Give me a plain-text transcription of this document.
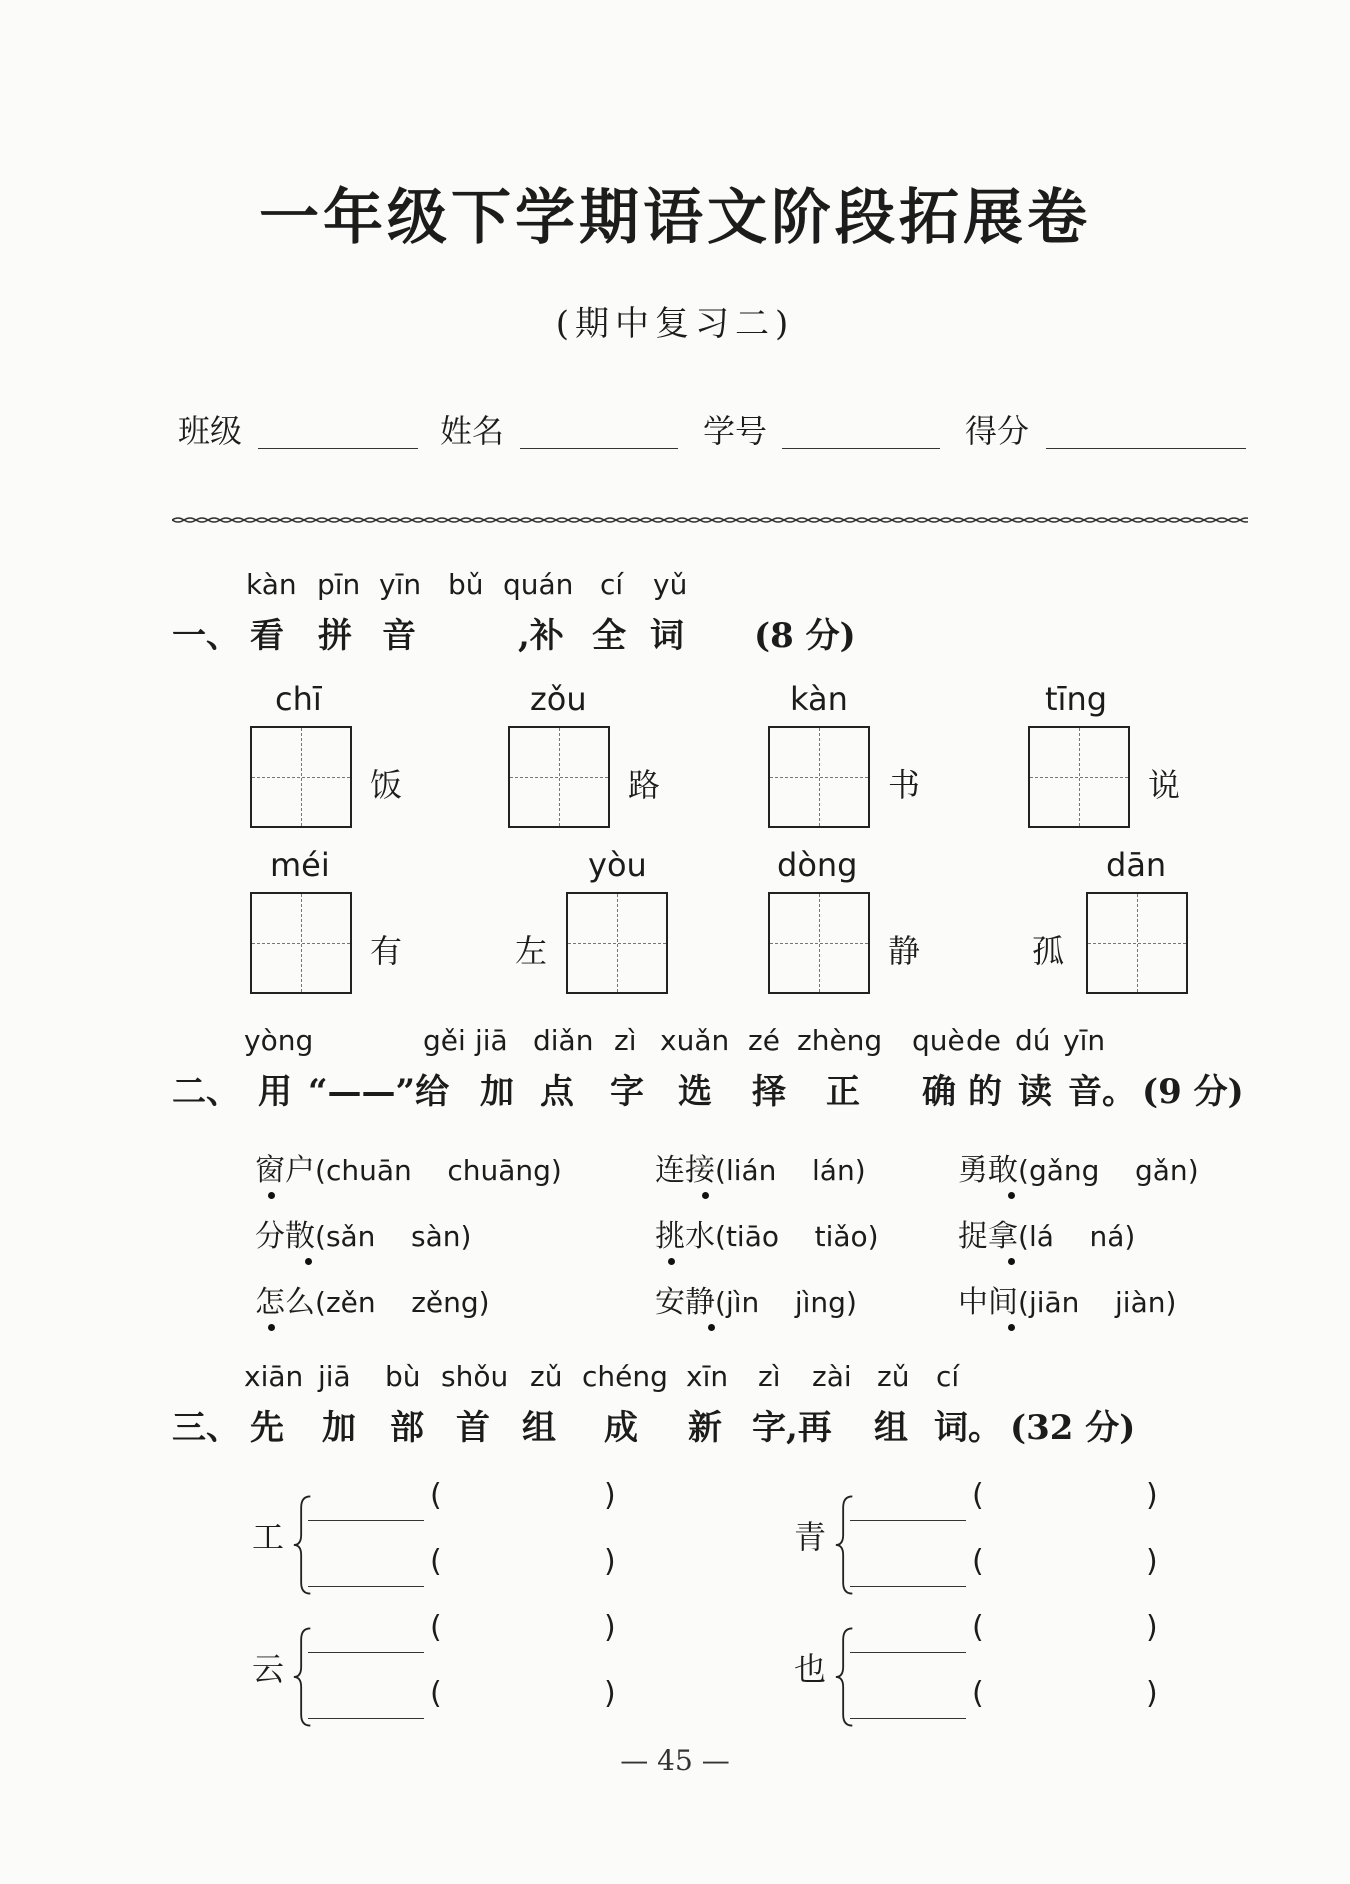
一年级下学期语文阶段拓展卷
(期中复习二)
班级	姓名	学号	得分
kàn pīn yīn bǔ quán cí yǔ
一、 看 拼 音	,补 全 词 (8 分)
chī
饭
zǒu
路
kàn
书
tīng
说
méi
有	左
yòu	dòng
静	孤
dān
yòng	gěi jiā diǎn zì xuǎn zé zhèng què de dú yīn
二、 用 “——”给 加 点 字 选 择 正 确 的 读 音。 (9 分)
窗户(chuān chuāng)	连接(lián lán)	勇敢(gǎng gǎn)
分散(sǎn sàn)	挑水(tiāo tiǎo)	捉拿(lá ná)
怎么(zěn zěng)	安静(jìn jìng)	中间(jiān jiàn)
xiān jiā bù shǒu zǔ chéng xīn zì zài zǔ cí
三、 先 加 部 首 组 成 新 字,再 组 词。 (32 分)
工
(	)
(	)
青
(	)
(	)
云
(	)
(	)
也
(	)
(	)
— 45 —
